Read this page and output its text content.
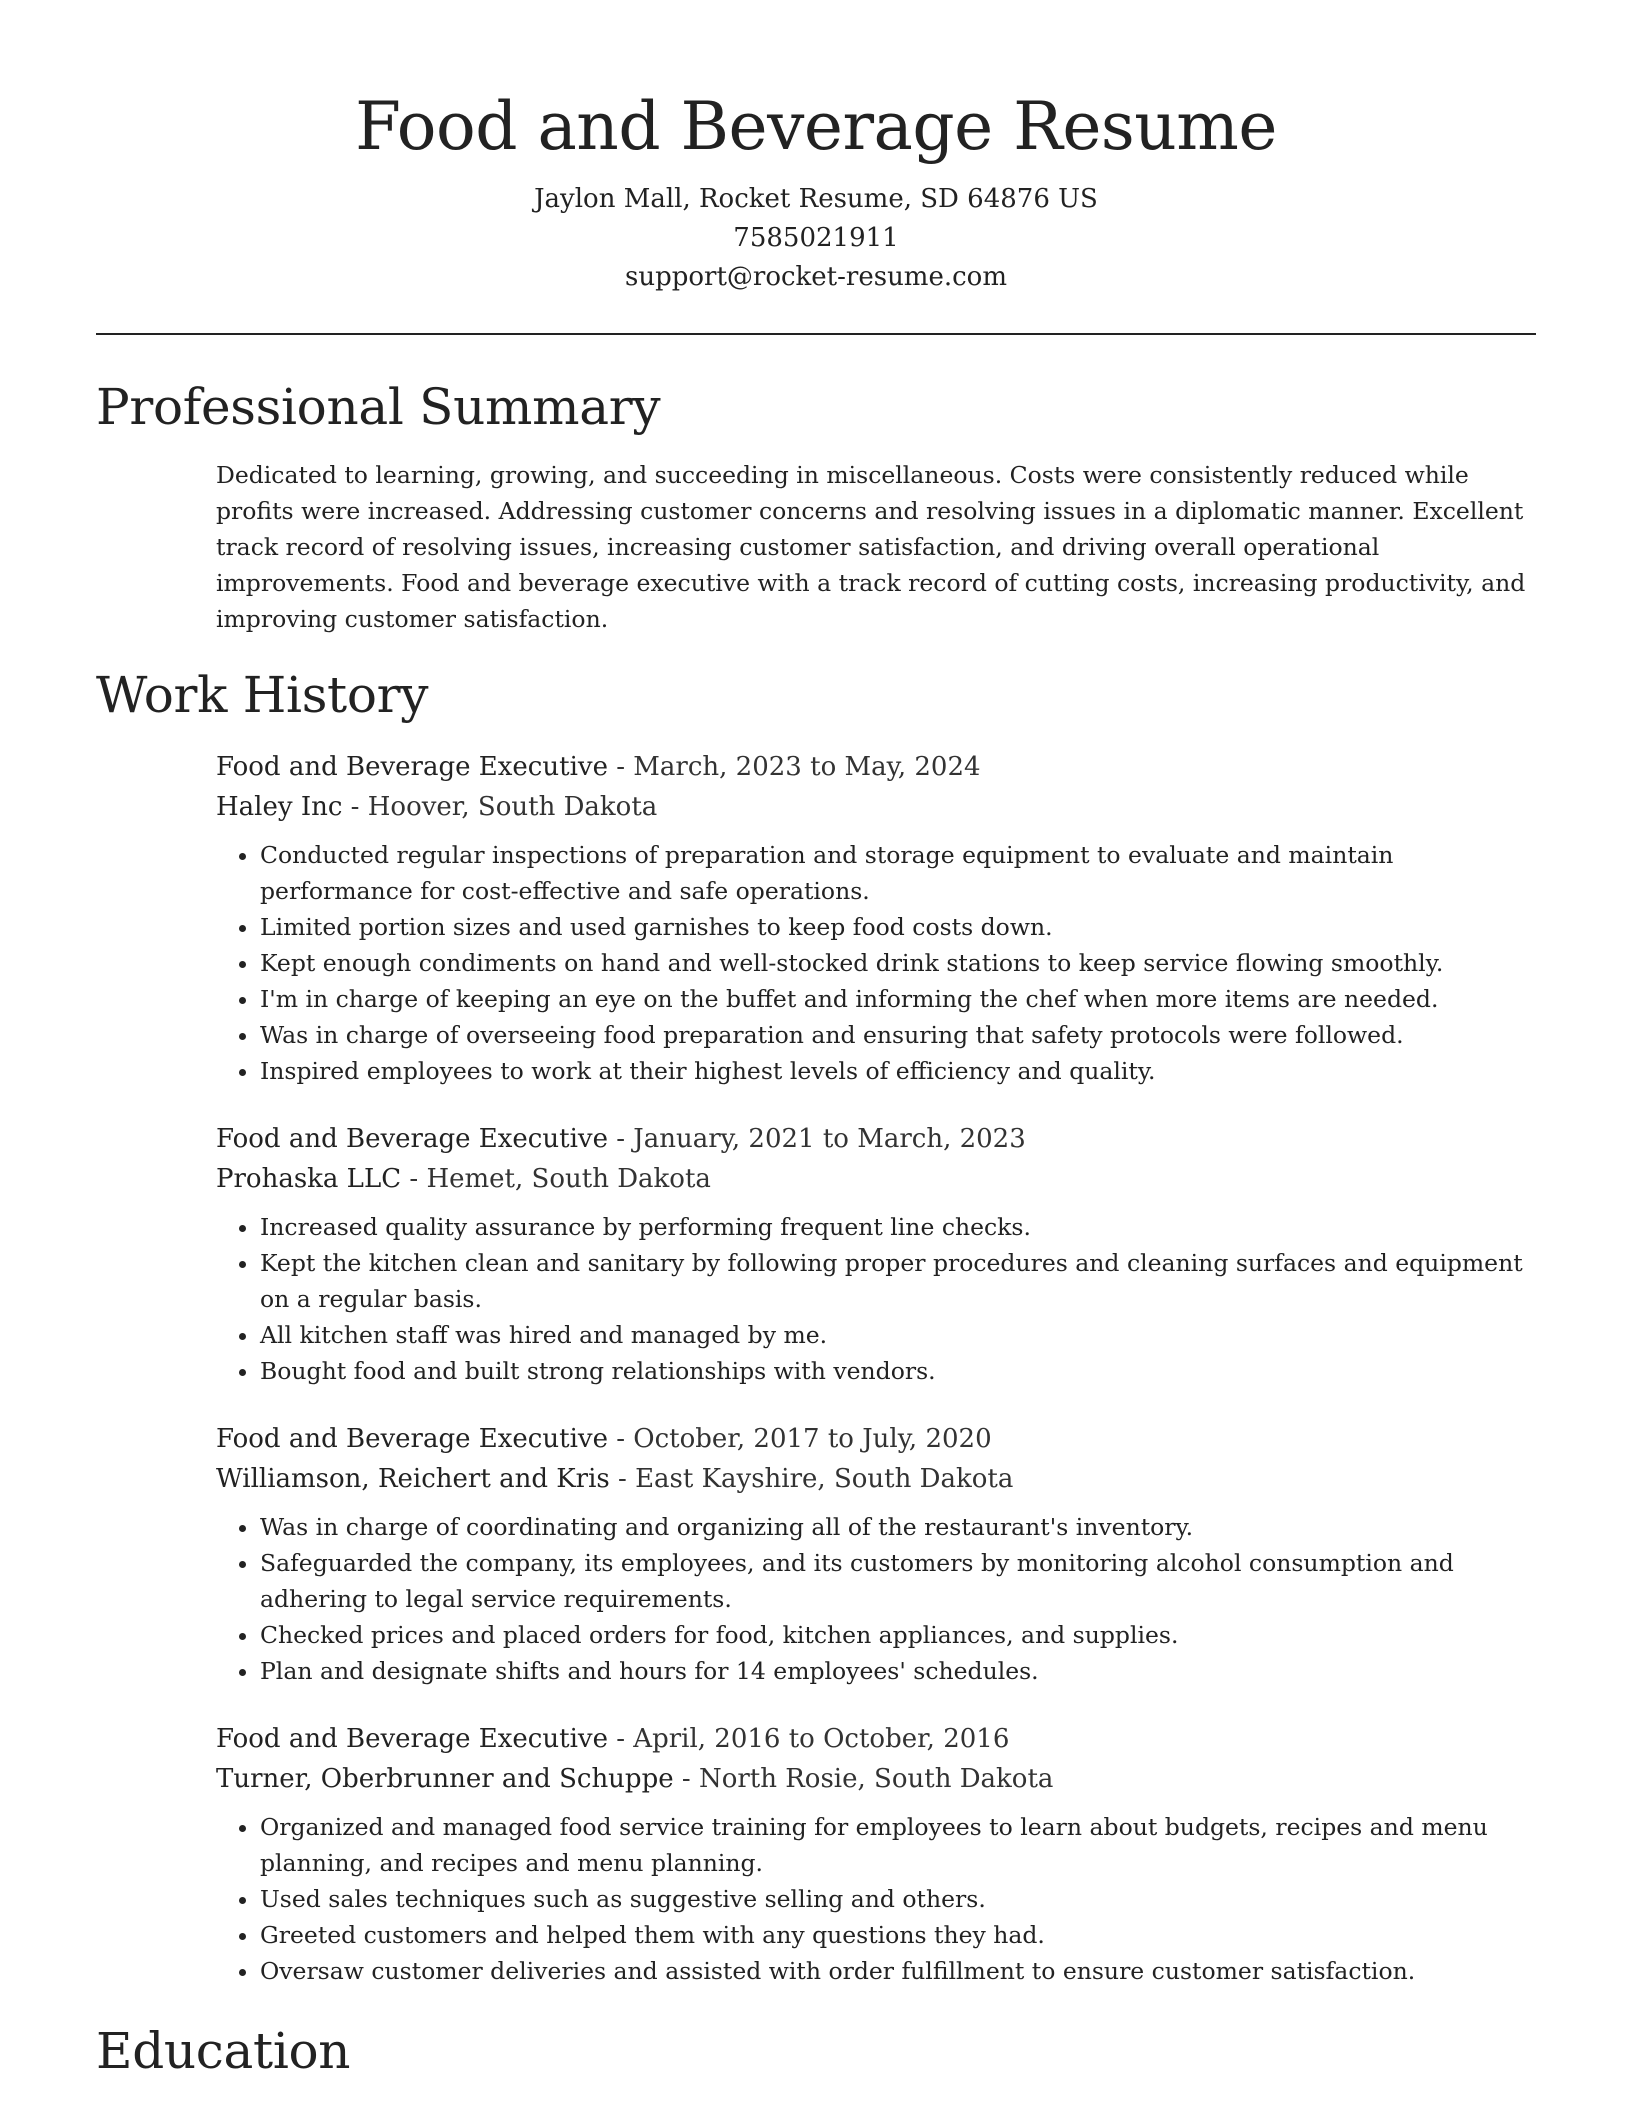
Food and Beverage Resume
Jaylon Mall, Rocket Resume, SD 64876 US
7585021911
support@rocket-resume.com
Professional Summary

Dedicated to learning, growing, and succeeding in miscellaneous. Costs were consistently reduced while profits were increased. Addressing customer concerns and resolving issues in a diplomatic manner. Excellent track record of resolving issues, increasing customer satisfaction, and driving overall operational improvements. Food and beverage executive with a track record of cutting costs, increasing productivity, and improving customer satisfaction.

Work History
Food and Beverage Executive - March, 2023 to May, 2024
Haley Inc - Hoover, South Dakota
• Conducted regular inspections of preparation and storage equipment to evaluate and maintain performance for cost-effective and safe operations.
• Limited portion sizes and used garnishes to keep food costs down.
• Kept enough condiments on hand and well-stocked drink stations to keep service flowing smoothly.
• I'm in charge of keeping an eye on the buffet and informing the chef when more items are needed.
• Was in charge of overseeing food preparation and ensuring that safety protocols were followed.
• Inspired employees to work at their highest levels of efficiency and quality.
Food and Beverage Executive - January, 2021 to March, 2023
Prohaska LLC - Hemet, South Dakota
• Increased quality assurance by performing frequent line checks.
• Kept the kitchen clean and sanitary by following proper procedures and cleaning surfaces and equipment on a regular basis.
• All kitchen staff was hired and managed by me.
• Bought food and built strong relationships with vendors.
Food and Beverage Executive - October, 2017 to July, 2020
Williamson, Reichert and Kris - East Kayshire, South Dakota
• Was in charge of coordinating and organizing all of the restaurant's inventory.
• Safeguarded the company, its employees, and its customers by monitoring alcohol consumption and adhering to legal service requirements.
• Checked prices and placed orders for food, kitchen appliances, and supplies.
• Plan and designate shifts and hours for 14 employees' schedules.
Food and Beverage Executive - April, 2016 to October, 2016
Turner, Oberbrunner and Schuppe - North Rosie, South Dakota
• Organized and managed food service training for employees to learn about budgets, recipes and menu planning, and recipes and menu planning.
• Used sales techniques such as suggestive selling and others.
• Greeted customers and helped them with any questions they had.
• Oversaw customer deliveries and assisted with order fulfillment to ensure customer satisfaction.
Education
